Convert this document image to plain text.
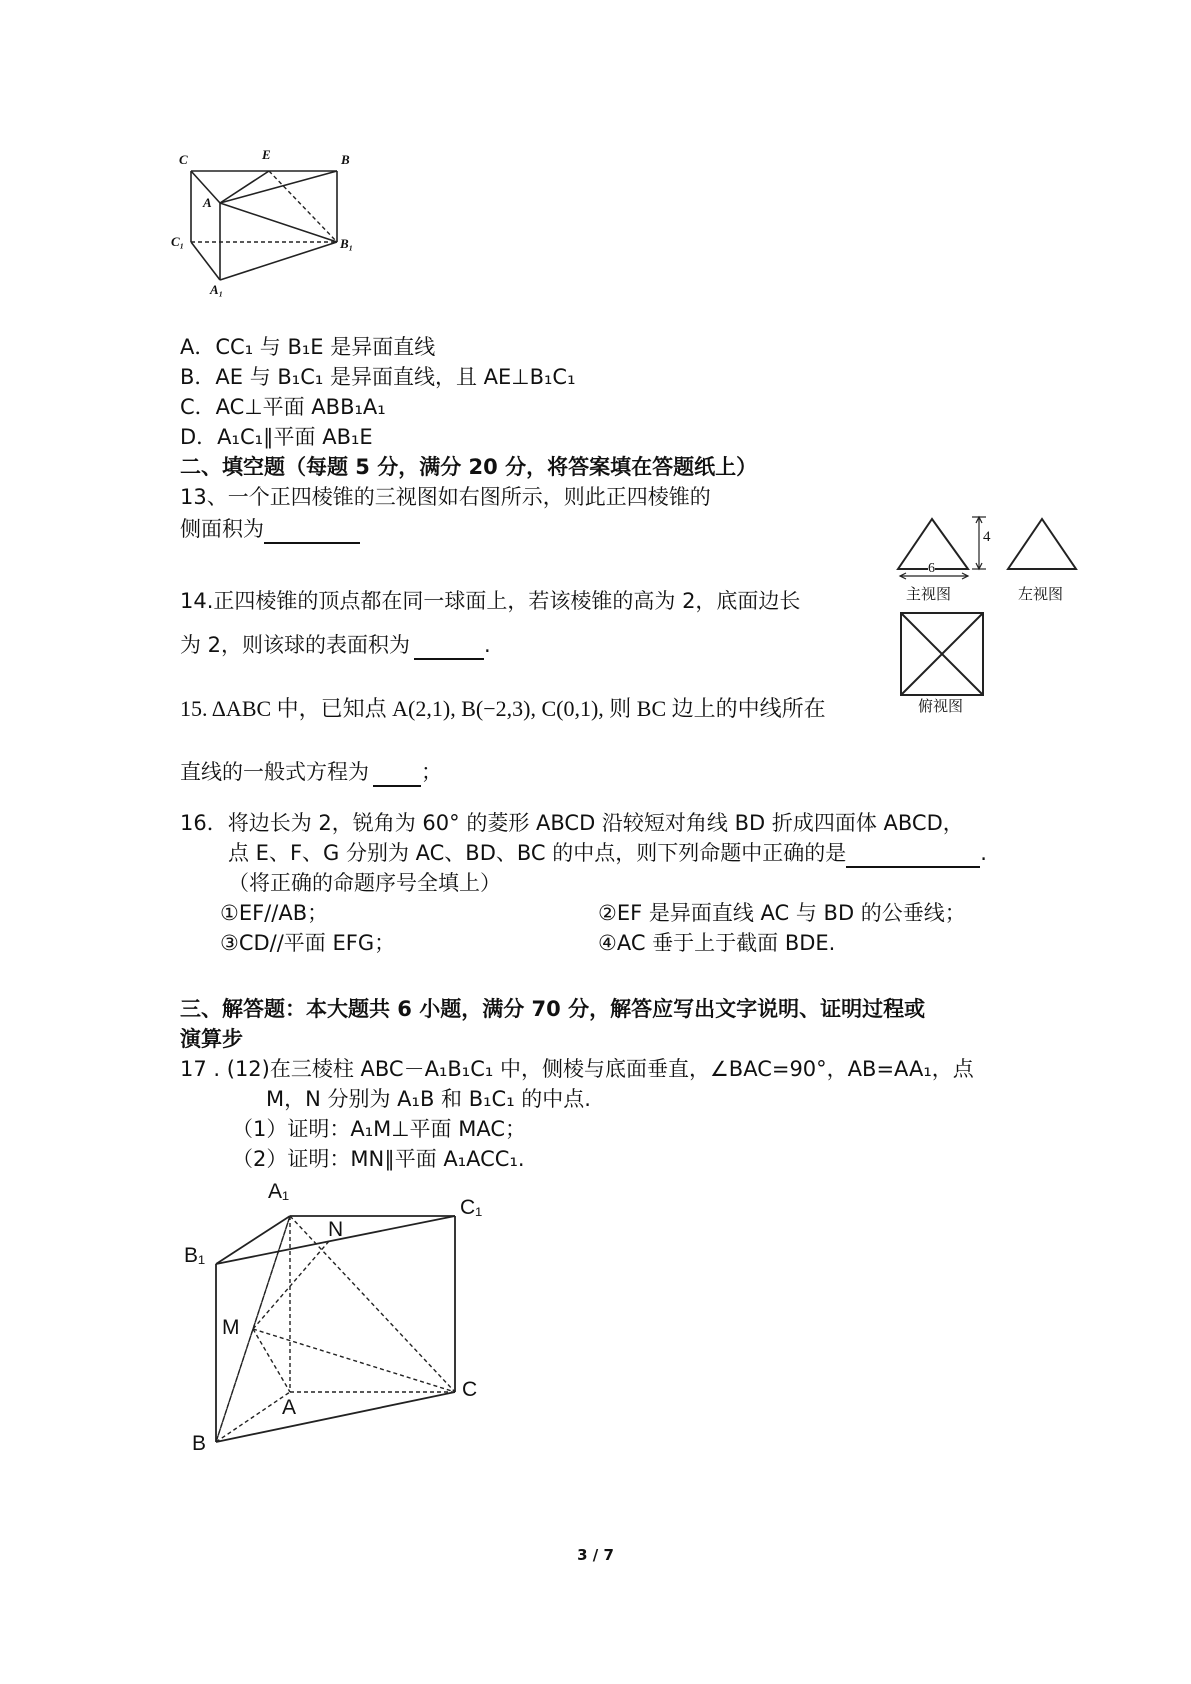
C	E	B
A
C₁	B₁
A₁
A．CC₁ 与 B₁E 是异面直线
B．AE 与 B₁C₁ 是异面直线，且 AE⊥B₁C₁
C．AC⊥平面 ABB₁A₁
D．A₁C₁∥平面 AB₁E
二、填空题（每题 5 分，满分 20 分，将答案填在答题纸上）
13、一个正四棱锥的三视图如右图所示，则此正四棱锥的
侧面积为	4
6
主视图	左视图
俯视图
14.正四棱锥的顶点都在同一球面上，若该棱锥的高为 2，底面边长
为 2，则该球的表面积为	.
15. ΔABC 中，已知点 A(2,1), B(−2,3), C(0,1), 则 BC 边上的中线所在
直线的一般式方程为 ；
16．将边长为 2，锐角为 60° 的菱形 ABCD 沿较短对角线 BD 折成四面体 ABCD，
点 E、F、G 分别为 AC、BD、BC 的中点，则下列命题中正确的是	.
（将正确的命题序号全填上）
①EF//AB；	②EF 是异面直线 AC 与 BD 的公垂线；
③CD//平面 EFG；	④AC 垂于上于截面 BDE.
三、解答题：本大题共 6 小题，满分 70 分，解答应写出文字说明、证明过程或
演算步
17 . (12)在三棱柱 ABC－A₁B₁C₁ 中，侧棱与底面垂直，∠BAC=90°，AB=AA₁，点
M，N 分别为 A₁B 和 B₁C₁ 的中点.
（1）证明：A₁M⊥平面 MAC；
（2）证明：MN∥平面 A₁ACC₁.
A₁
N
C₁
B₁
M
A
C
B
3 / 7
